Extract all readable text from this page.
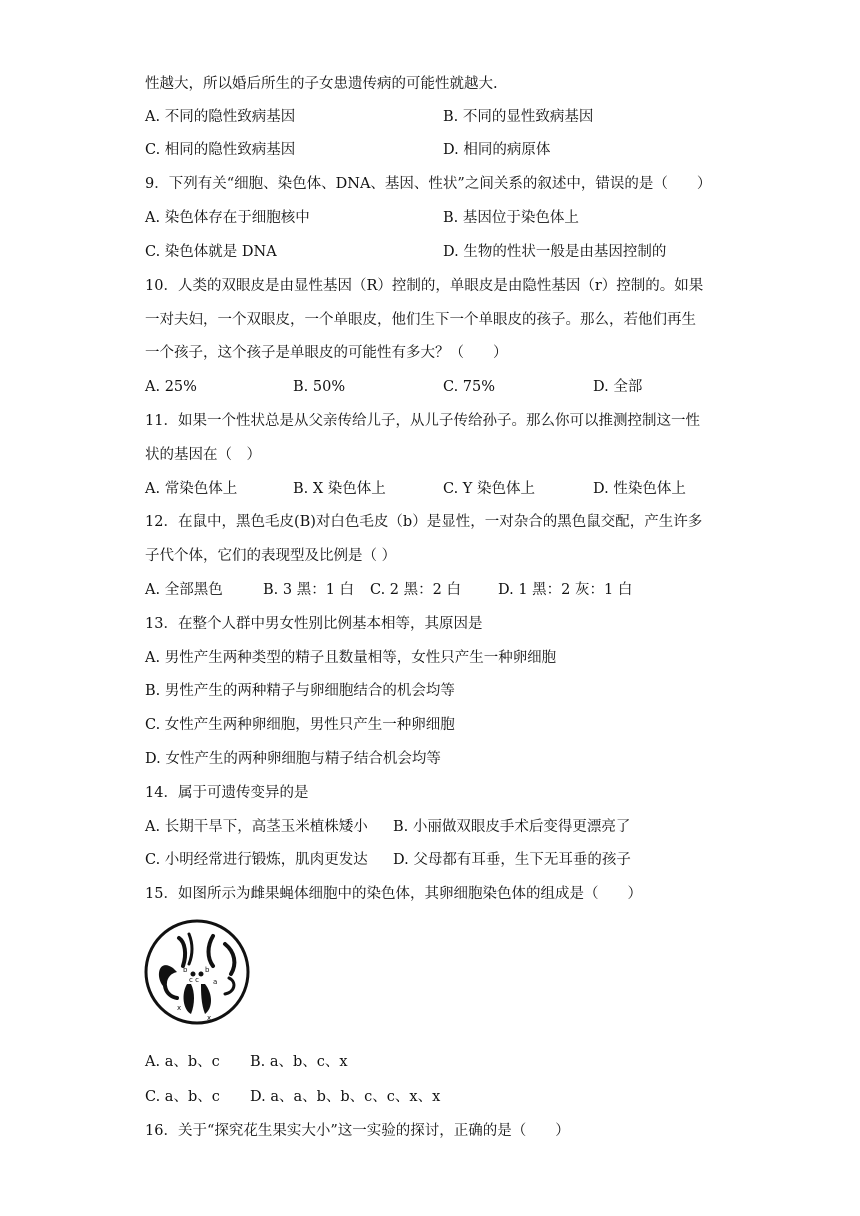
性越大，所以婚后所生的子女患遗传病的可能性就越大.
A. 不同的隐性致病基因	B. 不同的显性致病基因
C. 相同的隐性致病基因	D. 相同的病原体
9．下列有关“细胞、染色体、DNA、基因、性状”之间关系的叙述中，错误的是（　　）
A. 染色体存在于细胞核中	B. 基因位于染色体上
C. 染色体就是 DNA	D. 生物的性状一般是由基因控制的
10．人类的双眼皮是由显性基因（R）控制的，单眼皮是由隐性基因（r）控制的。如果
一对夫妇，一个双眼皮，一个单眼皮，他们生下一个单眼皮的孩子。那么，若他们再生
一个孩子，这个孩子是单眼皮的可能性有多大？（　　）
A. 25%	B. 50%	C. 75%	D. 全部
11．如果一个性状总是从父亲传给儿子，从儿子传给孙子。那么你可以推测控制这一性
状的基因在（　）
A. 常染色体上	B. X 染色体上	C. Y 染色体上	D. 性染色体上
12．在鼠中，黑色毛皮(B)对白色毛皮（b）是显性，一对杂合的黑色鼠交配，产生许多
子代个体，它们的表现型及比例是（ ）
A. 全部黑色	B. 3 黑：1 白 C. 2 黑：2 白	D. 1 黑：2 灰：1 白
13．在整个人群中男女性别比例基本相等，其原因是
A. 男性产生两种类型的精子且数量相等，女性只产生一种卵细胞
B. 男性产生的两种精子与卵细胞结合的机会均等
C. 女性产生两种卵细胞，男性只产生一种卵细胞
D. 女性产生的两种卵细胞与精子结合机会均等
14．属于可遗传变异的是
A. 长期干旱下，高茎玉米植株矮小 B. 小丽做双眼皮手术后变得更漂亮了
C. 小明经常进行锻炼，肌肉更发达 D. 父母都有耳垂，生下无耳垂的孩子
15．如图所示为雌果蝇体细胞中的染色体，其卵细胞染色体的组成是（　　）
c c
b
b
a
x
x
A. a、b、c B. a、b、c、x
C. a、b、c D. a、a、b、b、c、c、x、x
16．关于“探究花生果实大小”这一实验的探讨，正确的是（　　）
